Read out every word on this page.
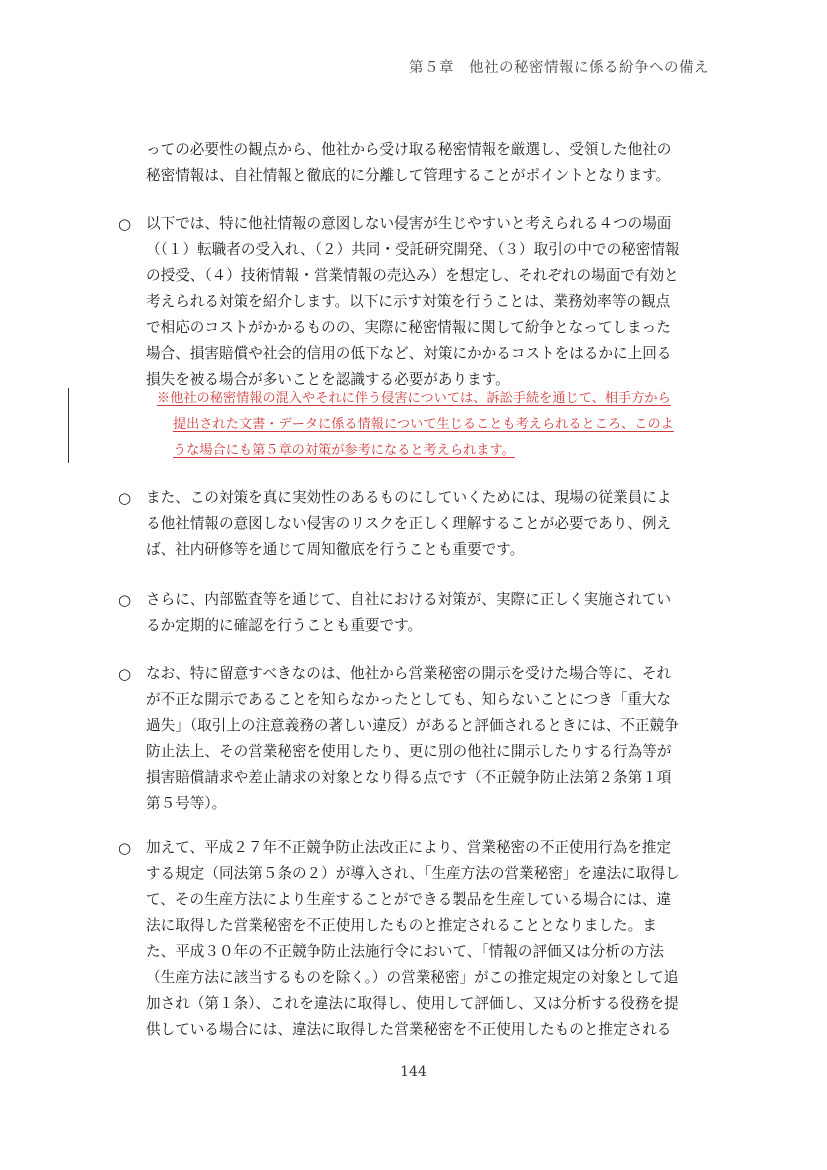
第５章　他社の秘密情報に係る紛争への備え
っての必要性の観点から、他社から受け取る秘密情報を厳選し、受領した他社の
秘密情報は、自社情報と徹底的に分離して管理することがポイントとなります。
○ 以下では、特に他社情報の意図しない侵害が生じやすいと考えられる４つの場面
（（１）転職者の受入れ、（２）共同・受託研究開発、（３）取引の中での秘密情報
の授受、（４）技術情報・営業情報の売込み）を想定し、それぞれの場面で有効と
考えられる対策を紹介します。以下に示す対策を行うことは、業務効率等の観点
で相応のコストがかかるものの、実際に秘密情報に関して紛争となってしまった
場合、損害賠償や社会的信用の低下など、対策にかかるコストをはるかに上回る
損失を被る場合が多いことを認識する必要があります。
※他社の秘密情報の混入やそれに伴う侵害については、訴訟手続を通じて、相手方から
提出された文書・データに係る情報について生じることも考えられるところ、このよ
うな場合にも第５章の対策が参考になると考えられます。
○ また、この対策を真に実効性のあるものにしていくためには、現場の従業員によ
る他社情報の意図しない侵害のリスクを正しく理解することが必要であり、例え
ば、社内研修等を通じて周知徹底を行うことも重要です。
○ さらに、内部監査等を通じて、自社における対策が、実際に正しく実施されてい
るか定期的に確認を行うことも重要です。
○ なお、特に留意すべきなのは、他社から営業秘密の開示を受けた場合等に、それ
が不正な開示であることを知らなかったとしても、知らないことにつき「重大な
過失」（取引上の注意義務の著しい違反）があると評価されるときには、不正競争
防止法上、その営業秘密を使用したり、更に別の他社に開示したりする行為等が
損害賠償請求や差止請求の対象となり得る点です（不正競争防止法第２条第１項
第５号等）。
○ 加えて、平成２７年不正競争防止法改正により、営業秘密の不正使用行為を推定
する規定（同法第５条の２）が導入され、「生産方法の営業秘密」を違法に取得し
て、その生産方法により生産することができる製品を生産している場合には、違
法に取得した営業秘密を不正使用したものと推定されることとなりました。ま
た、平成３０年の不正競争防止法施行令において、「情報の評価又は分析の方法
（生産方法に該当するものを除く。）の営業秘密」がこの推定規定の対象として追
加され（第１条）、これを違法に取得し、使用して評価し、又は分析する役務を提
供している場合には、違法に取得した営業秘密を不正使用したものと推定される
144
